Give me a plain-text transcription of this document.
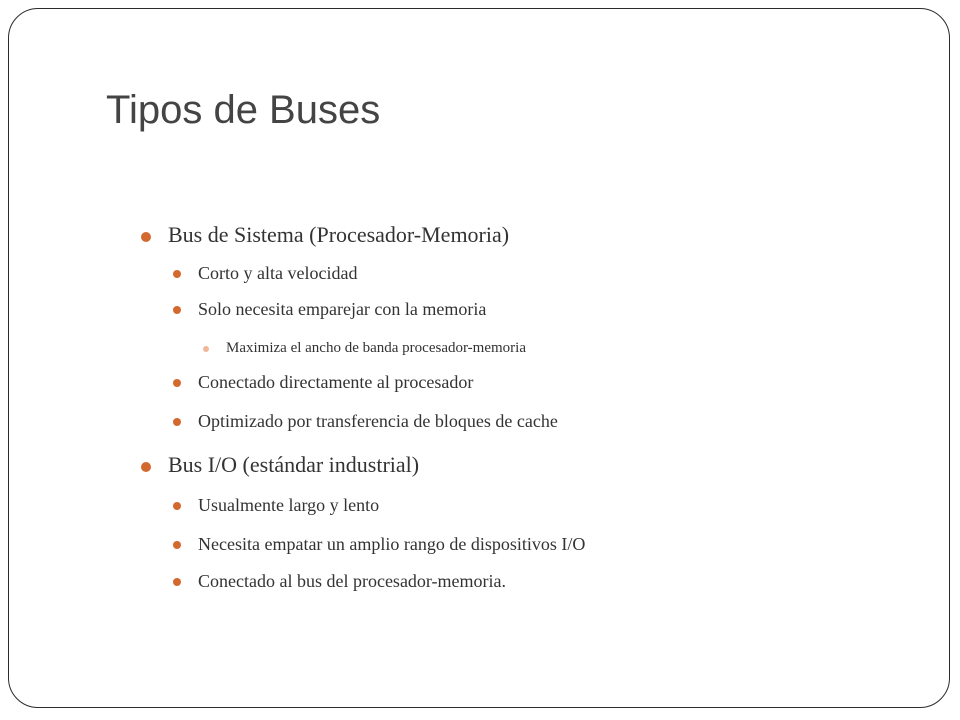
Tipos de Buses
Bus de Sistema (Procesador-Memoria)
Corto y alta velocidad
Solo necesita emparejar con la memoria
Maximiza el ancho de banda procesador-memoria
Conectado directamente al procesador
Optimizado por transferencia de bloques de cache
Bus I/O (estándar industrial)
Usualmente largo y lento
Necesita empatar un amplio rango de dispositivos I/O
Conectado al bus del procesador-memoria.
